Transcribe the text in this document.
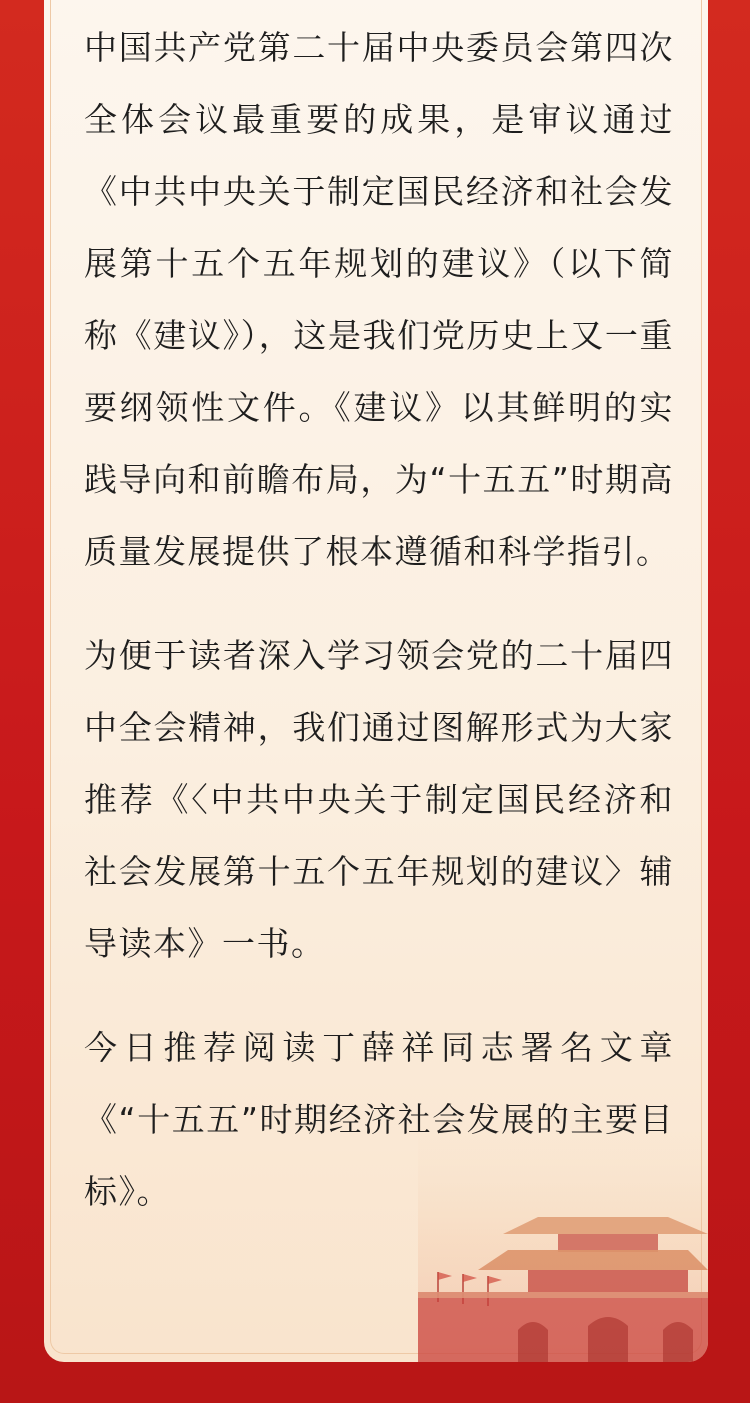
中国共产党第二十届中央委员会第四次全体会议最重要的成果，是审议通过《中共中央关于制定国民经济和社会发展第十五个五年规划的建议》（以下简称《建议》），这是我们党历史上又一重要纲领性文件。《建议》以其鲜明的实践导向和前瞻布局，为“十五五”时期高质量发展提供了根本遵循和科学指引。

为便于读者深入学习领会党的二十届四中全会精神，我们通过图解形式为大家推荐《〈中共中央关于制定国民经济和社会发展第十五个五年规划的建议〉辅导读本》一书。

今日推荐阅读丁薛祥同志署名文章《“十五五”时期经济社会发展的主要目标》。
